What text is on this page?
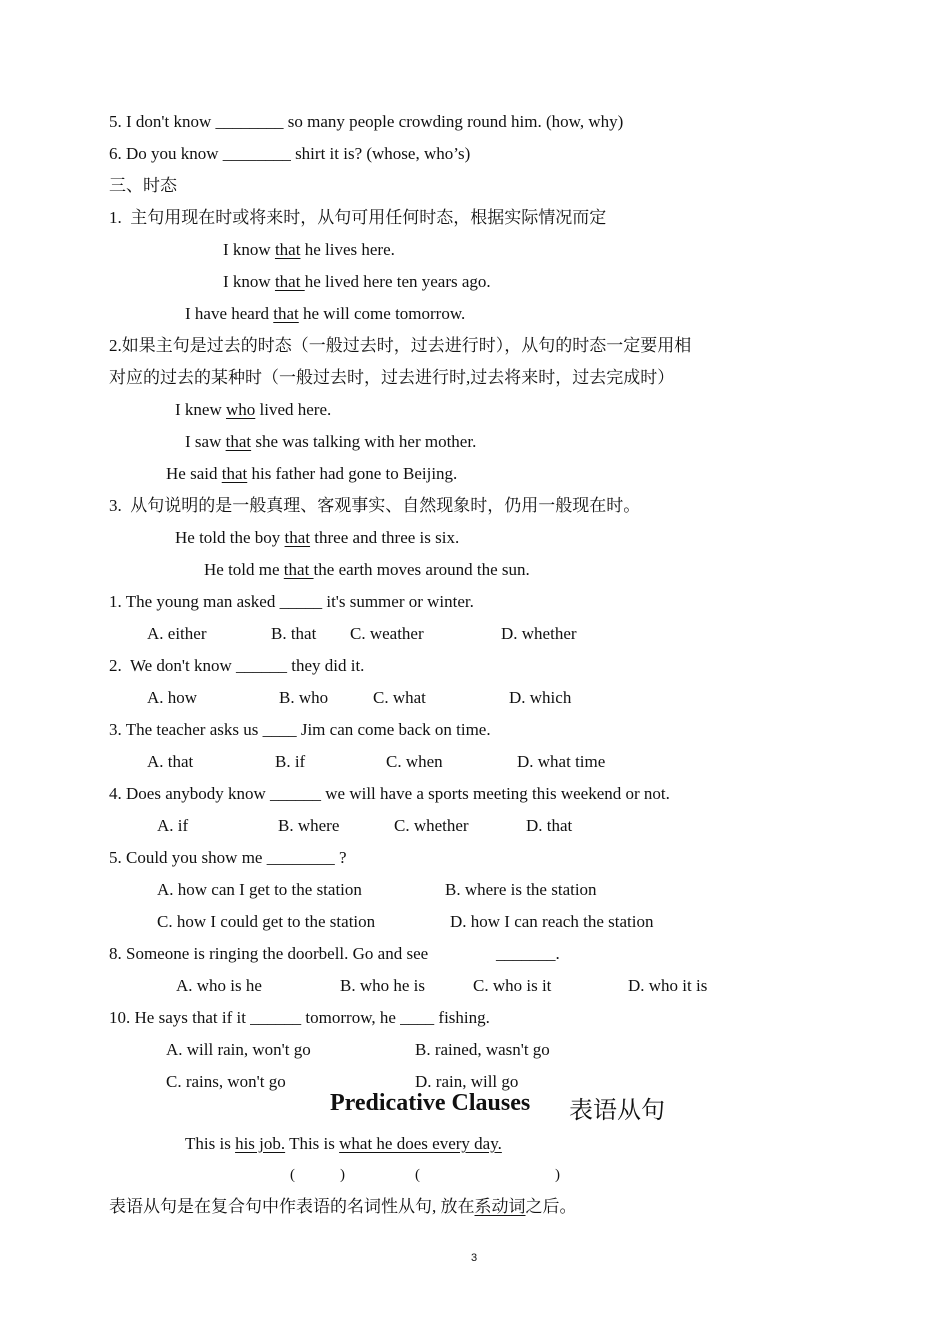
5. I don't know ________ so many people crowding round him. (how, why)
6. Do you know ________ shirt it is? (whose, who’s)
三、时态
1.  主句用现在时或将来时，从句可用任何时态，根据实际情况而定
I know that he lives here.
I know that he lived here ten years ago.
I have heard that he will come tomorrow.
2.如果主句是过去的时态（一般过去时，过去进行时），从句的时态一定要用相
对应的过去的某种时（一般过去时，过去进行时,过去将来时，过去完成时）
I knew who lived here.
I saw that she was talking with her mother.
He said that his father had gone to Beijing.
3.  从句说明的是一般真理、客观事实、自然现象时，仍用一般现在时。
He told the boy that three and three is six.
He told me that the earth moves around the sun.
1. The young man asked _____ it's summer or winter.
A. either	B. that C. weather	D. whether
2.  We don't know ______ they did it.
A. how	B. who	C. what	D. which
3. The teacher asks us ____ Jim can come back on time.
A. that	B. if	C. when	D. what time
4. Does anybody know ______ we will have a sports meeting this weekend or not.
A. if	B. where	C. whether	D. that
5. Could you show me ________ ?
A. how can I get to the station	B. where is the station
C. how I could get to the station	D. how I can reach the station
8. Someone is ringing the doorbell. Go and see	_______.
A. who is he	B. who he is	C. who is it	D. who it is
10. He says that if it ______ tomorrow, he ____ fishing.
A. will rain, won't go	B. rained, wasn't go
C. rains, won't go	D. rain, will go
Predicative Clauses 表语从句
This is his job. This is what he does every day.
(            )	(                                    )
表语从句是在复合句中作表语的名词性从句, 放在系动词之后。
3
